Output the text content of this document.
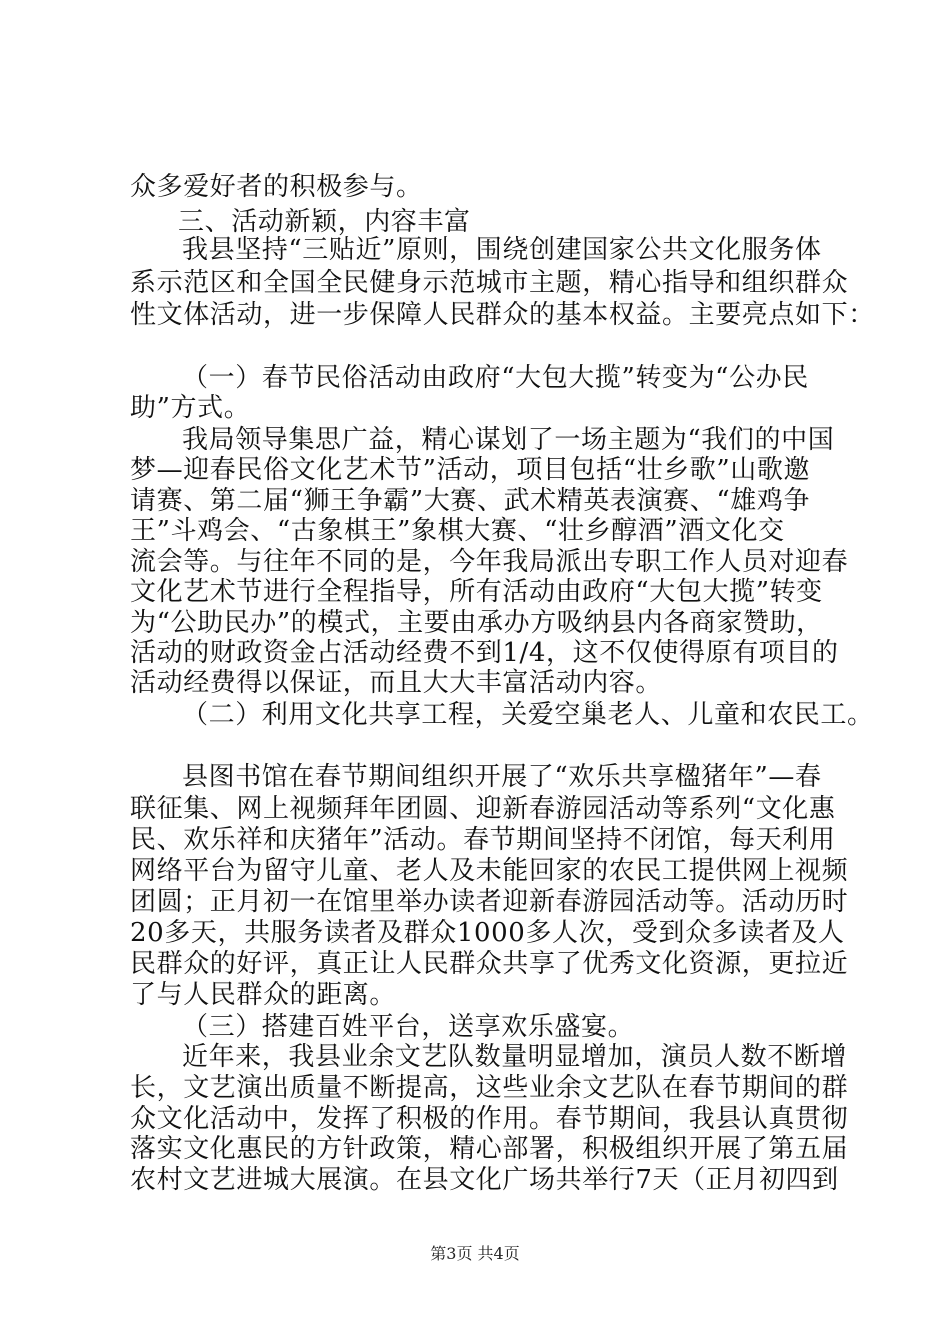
众多爱好者的积极参与。
三、活动新颖，内容丰富
我县坚持“三贴近”原则，围绕创建国家公共文化服务体
系示范区和全国全民健身示范城市主题，精心指导和组织群众
性文体活动，进一步保障人民群众的基本权益。主要亮点如下：
（一）春节民俗活动由政府“大包大揽”转变为“公办民
助”方式。
我局领导集思广益，精心谋划了一场主题为“我们的中国
梦—迎春民俗文化艺术节”活动，项目包括“壮乡歌”山歌邀
请赛、第二届“狮王争霸”大赛、武术精英表演赛、“雄鸡争
王”斗鸡会、“古象棋王”象棋大赛、“壮乡醇酒”酒文化交
流会等。与往年不同的是，今年我局派出专职工作人员对迎春
文化艺术节进行全程指导，所有活动由政府“大包大揽”转变
为“公助民办”的模式，主要由承办方吸纳县内各商家赞助，
活动的财政资金占活动经费不到1/4，这不仅使得原有项目的
活动经费得以保证，而且大大丰富活动内容。
（二）利用文化共享工程，关爱空巢老人、儿童和农民工。
县图书馆在春节期间组织开展了“欢乐共享楹猪年”—春
联征集、网上视频拜年团圆、迎新春游园活动等系列“文化惠
民、欢乐祥和庆猪年”活动。春节期间坚持不闭馆，每天利用
网络平台为留守儿童、老人及未能回家的农民工提供网上视频
团圆；正月初一在馆里举办读者迎新春游园活动等。活动历时
20多天，共服务读者及群众1000多人次，受到众多读者及人
民群众的好评，真正让人民群众共享了优秀文化资源，更拉近
了与人民群众的距离。
（三）搭建百姓平台，送享欢乐盛宴。
近年来，我县业余文艺队数量明显增加，演员人数不断增
长，文艺演出质量不断提高，这些业余文艺队在春节期间的群
众文化活动中，发挥了积极的作用。春节期间，我县认真贯彻
落实文化惠民的方针政策，精心部署，积极组织开展了第五届
农村文艺进城大展演。在县文化广场共举行7天（正月初四到
第3页 共4页
